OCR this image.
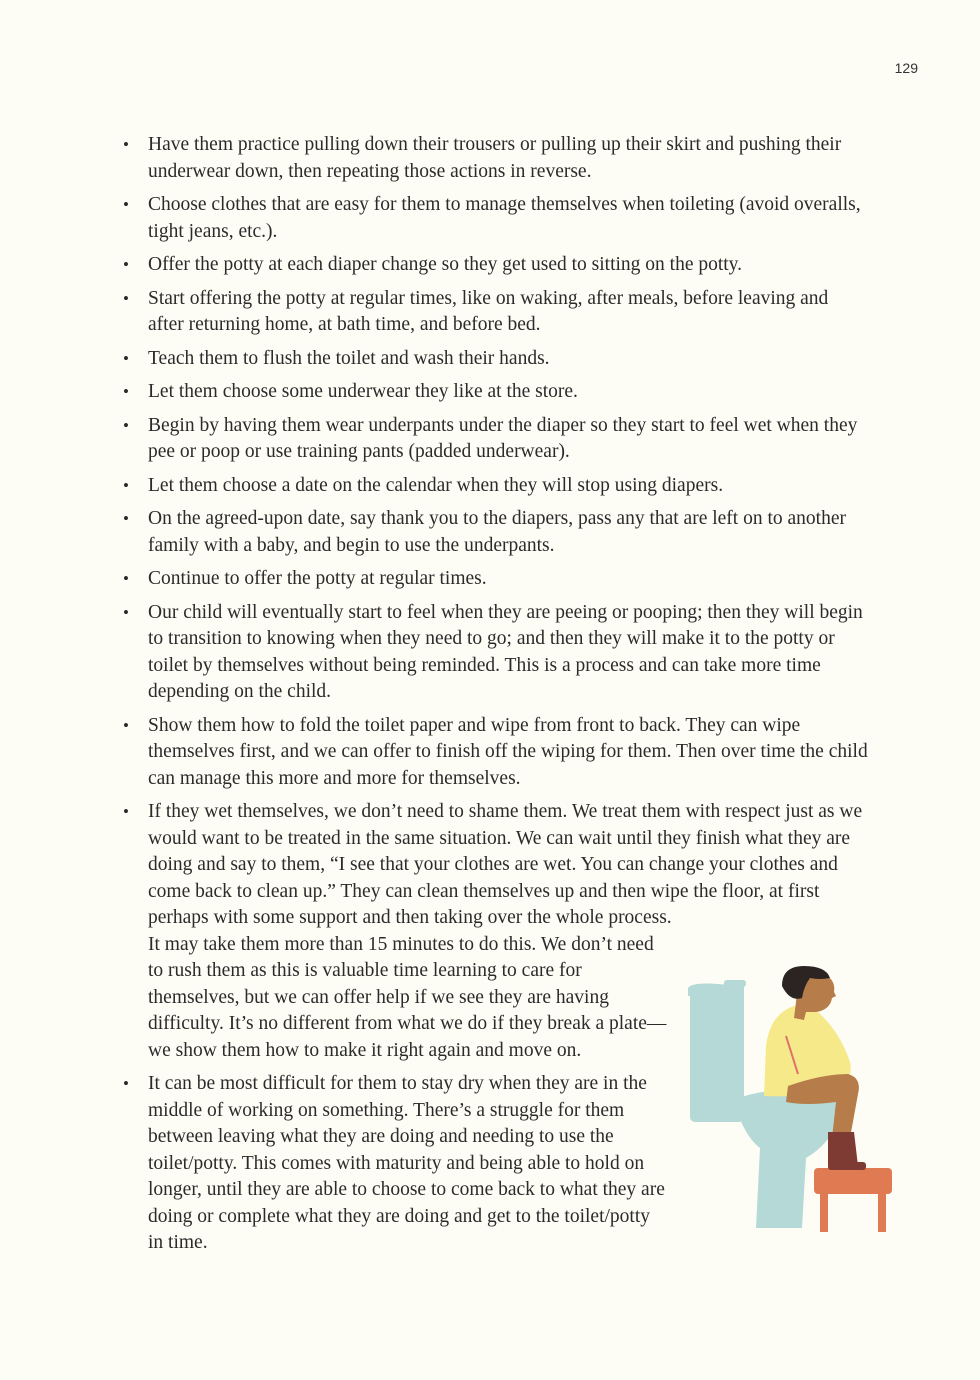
129
• Have them practice pulling down their trousers or pulling up their skirt and pushing their underwear down, then repeating those actions in reverse.
• Choose clothes that are easy for them to manage themselves when toileting (avoid overalls, tight jeans, etc.).
• Offer the potty at each diaper change so they get used to sitting on the potty.
• Start offering the potty at regular times, like on waking, after meals, before leaving and after returning home, at bath time, and before bed.
• Teach them to flush the toilet and wash their hands.
• Let them choose some underwear they like at the store.
• Begin by having them wear underpants under the diaper so they start to feel wet when they pee or poop or use training pants (padded underwear).
• Let them choose a date on the calendar when they will stop using diapers.
• On the agreed-upon date, say thank you to the diapers, pass any that are left on to another family with a baby, and begin to use the underpants.
• Continue to offer the potty at regular times.
• Our child will eventually start to feel when they are peeing or pooping; then they will begin to transition to knowing when they need to go; and then they will make it to the potty or toilet by themselves without being reminded. This is a process and can take more time depending on the child.
• Show them how to fold the toilet paper and wipe from front to back. They can wipe themselves first, and we can offer to finish off the wiping for them. Then over time the child can manage this more and more for themselves.
• If they wet themselves, we don’t need to shame them. We treat them with respect just as we would want to be treated in the same situation. We can wait until they finish what they are doing and say to them, “I see that your clothes are wet. You can change your clothes and come back to clean up.” They can clean themselves up and then wipe the floor, at first perhaps with some support and then taking over the whole process.
It may take them more than 15 minutes to do this. We don’t need to rush them as this is valuable time learning to care for themselves, but we can offer help if we see they are having difficulty. It’s no different from what we do if they break a plate—we show them how to make it right again and move on.
• It can be most difficult for them to stay dry when they are in the middle of working on something. There’s a struggle for them between leaving what they are doing and needing to use the toilet/potty. This comes with maturity and being able to hold on longer, until they are able to choose to come back to what they are doing or complete what they are doing and get to the toilet/potty in time.
